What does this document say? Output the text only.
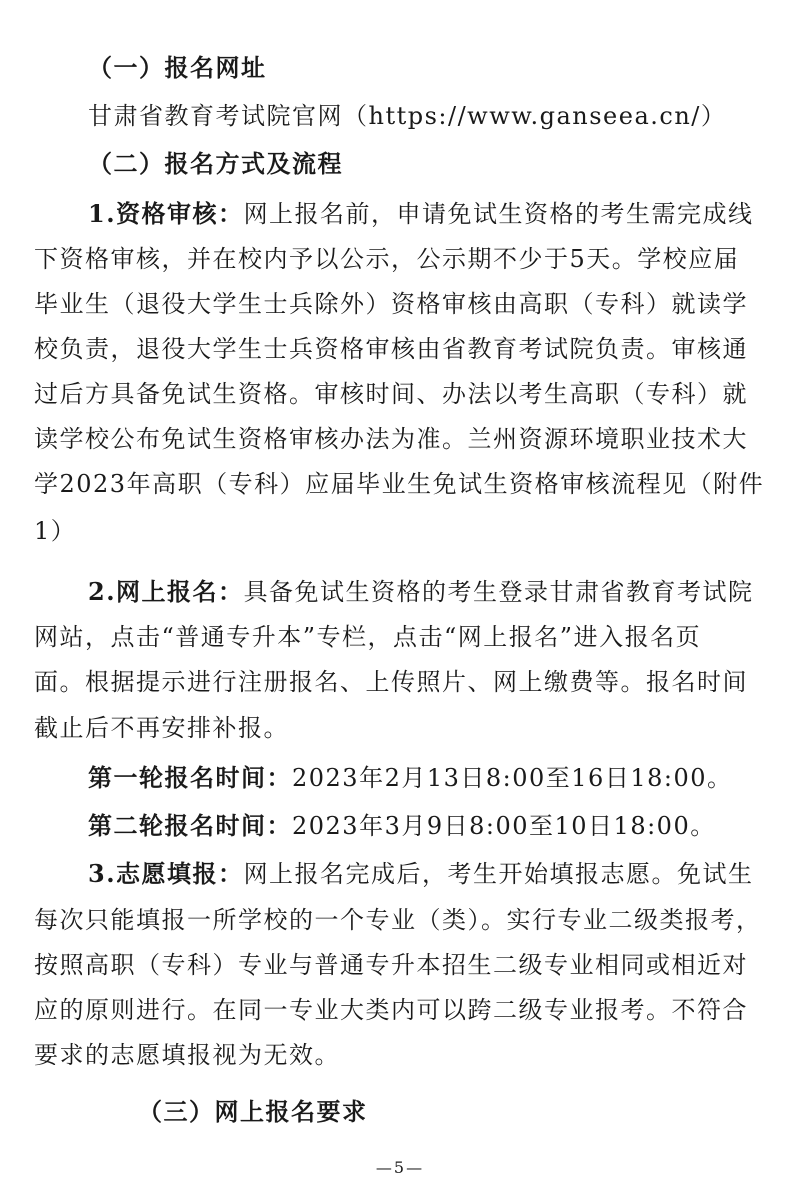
（一）报名网址
甘肃省教育考试院官网（https://www.ganseea.cn/）
（二）报名方式及流程
1.资格审核：网上报名前，申请免试生资格的考生需完成线
下资格审核，并在校内予以公示，公示期不少于5天。学校应届
毕业生（退役大学生士兵除外）资格审核由高职（专科）就读学
校负责，退役大学生士兵资格审核由省教育考试院负责。审核通
过后方具备免试生资格。审核时间、办法以考生高职（专科）就
读学校公布免试生资格审核办法为准。兰州资源环境职业技术大
学2023年高职（专科）应届毕业生免试生资格审核流程见（附件
1）
2.网上报名：具备免试生资格的考生登录甘肃省教育考试院
网站，点击“普通专升本”专栏，点击“网上报名”进入报名页
面。根据提示进行注册报名、上传照片、网上缴费等。报名时间
截止后不再安排补报。
第一轮报名时间：2023年2月13日8:00至16日18:00。
第二轮报名时间：2023年3月9日8:00至10日18:00。
3.志愿填报：网上报名完成后，考生开始填报志愿。免试生
每次只能填报一所学校的一个专业（类）。实行专业二级类报考，
按照高职（专科）专业与普通专升本招生二级专业相同或相近对
应的原则进行。在同一专业大类内可以跨二级专业报考。不符合
要求的志愿填报视为无效。
（三）网上报名要求
—5—
